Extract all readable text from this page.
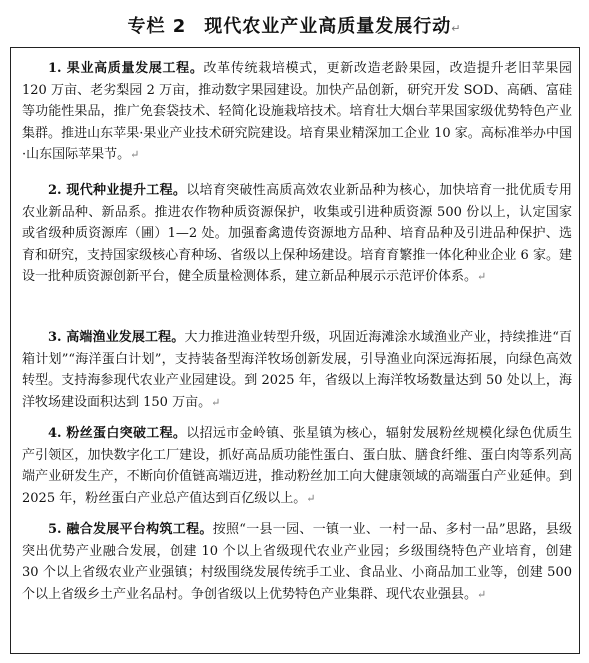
专栏 2 现代农业产业高质量发展行动↵
1. 果业高质量发展工程。改革传统栽培模式，更新改造老龄果园，改造提升老旧苹果园 120 万亩、老劣梨园 2 万亩，推动数字果园建设。加快产品创新，研究开发 SOD、高硒、富硅等功能性果品，推广免套袋技术、轻简化设施栽培技术。培育壮大烟台苹果国家级优势特色产业集群。推进山东苹果·果业产业技术研究院建设。培育果业精深加工企业 10 家。高标准举办中国·山东国际苹果节。↵
2. 现代种业提升工程。以培育突破性高质高效农业新品种为核心，加快培育一批优质专用农业新品种、新品系。推进农作物种质资源保护，收集或引进种质资源 500 份以上，认定国家或省级种质资源库（圃）1—2 处。加强畜禽遗传资源地方品种、培育品种及引进品种保护、选育和研究，支持国家级核心育种场、省级以上保种场建设。培育育繁推一体化种业企业 6 家。建设一批种质资源创新平台，健全质量检测体系，建立新品种展示示范评价体系。↵
3. 高端渔业发展工程。大力推进渔业转型升级，巩固近海滩涂水域渔业产业，持续推进“百箱计划”“海洋蛋白计划”，支持装备型海洋牧场创新发展，引导渔业向深远海拓展，向绿色高效转型。支持海参现代农业产业园建设。到 2025 年，省级以上海洋牧场数量达到 50 处以上，海洋牧场建设面积达到 150 万亩。↵
4. 粉丝蛋白突破工程。以招远市金岭镇、张星镇为核心，辐射发展粉丝规模化绿色优质生产引领区，加快数字化工厂建设，抓好高品质功能性蛋白、蛋白肽、膳食纤维、蛋白肉等系列高端产业研发生产，不断向价值链高端迈进，推动粉丝加工向大健康领域的高端蛋白产业延伸。到 2025 年，粉丝蛋白产业总产值达到百亿级以上。↵
5. 融合发展平台构筑工程。按照“一县一园、一镇一业、一村一品、多村一品”思路，县级突出优势产业融合发展，创建 10 个以上省级现代农业产业园；乡级围绕特色产业培育，创建 30 个以上省级农业产业强镇；村级围绕发展传统手工业、食品业、小商品加工业等，创建 500 个以上省级乡土产业名品村。争创省级以上优势特色产业集群、现代农业强县。↵
